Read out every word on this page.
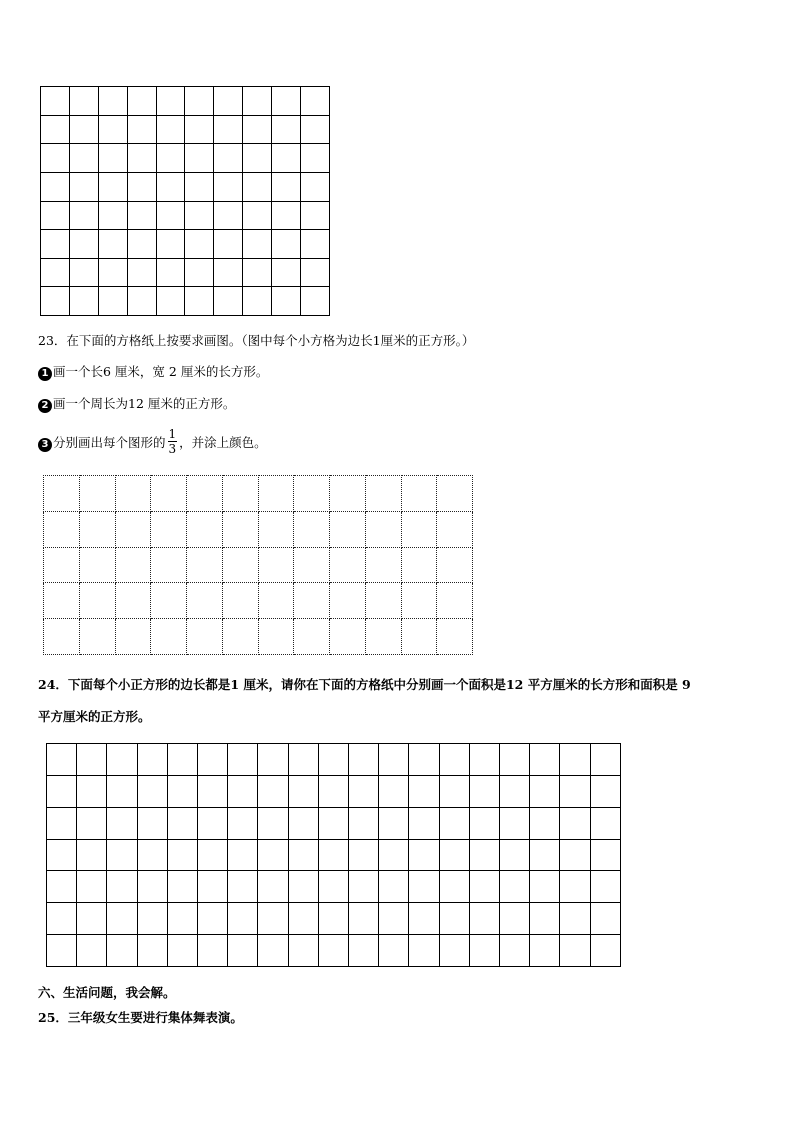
23．在下面的方格纸上按要求画图。（图中每个小方格为边长1厘米的正方形。）
1 画一个长6 厘米，宽 2 厘米的长方形。
2 画一个周长为12 厘米的正方形。
3 分别画出每个图形的 $\frac{1}{3}$ ，并涂上颜色。

24．下面每个小正方形的边长都是1 厘米，请你在下面的方格纸中分别画一个面积是12 平方厘米的长方形和面积是 9
平方厘米的正方形。

六、生活问题，我会解。
25．三年级女生要进行集体舞表演。
